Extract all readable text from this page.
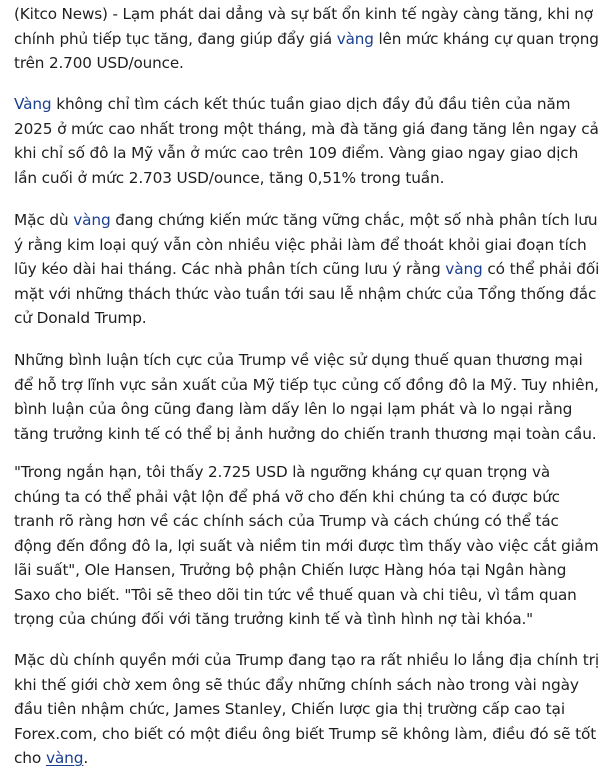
(Kitco News) - Lạm phát dai dẳng và sự bất ổn kinh tế ngày càng tăng, khi nợ
chính phủ tiếp tục tăng, đang giúp đẩy giá vàng lên mức kháng cự quan trọng
trên 2.700 USD/ounce.

Vàng không chỉ tìm cách kết thúc tuần giao dịch đầy đủ đầu tiên của năm
2025 ở mức cao nhất trong một tháng, mà đà tăng giá đang tăng lên ngay cả
khi chỉ số đô la Mỹ vẫn ở mức cao trên 109 điểm. Vàng giao ngay giao dịch
lần cuối ở mức 2.703 USD/ounce, tăng 0,51% trong tuần.

Mặc dù vàng đang chứng kiến mức tăng vững chắc, một số nhà phân tích lưu
ý rằng kim loại quý vẫn còn nhiều việc phải làm để thoát khỏi giai đoạn tích
lũy kéo dài hai tháng. Các nhà phân tích cũng lưu ý rằng vàng có thể phải đối
mặt với những thách thức vào tuần tới sau lễ nhậm chức của Tổng thống đắc
cử Donald Trump.

Những bình luận tích cực của Trump về việc sử dụng thuế quan thương mại
để hỗ trợ lĩnh vực sản xuất của Mỹ tiếp tục củng cố đồng đô la Mỹ. Tuy nhiên,
bình luận của ông cũng đang làm dấy lên lo ngại lạm phát và lo ngại rằng
tăng trưởng kinh tế có thể bị ảnh hưởng do chiến tranh thương mại toàn cầu.

"Trong ngắn hạn, tôi thấy 2.725 USD là ngưỡng kháng cự quan trọng và
chúng ta có thể phải vật lộn để phá vỡ cho đến khi chúng ta có được bức
tranh rõ ràng hơn về các chính sách của Trump và cách chúng có thể tác
động đến đồng đô la, lợi suất và niềm tin mới được tìm thấy vào việc cắt giảm
lãi suất", Ole Hansen, Trưởng bộ phận Chiến lược Hàng hóa tại Ngân hàng
Saxo cho biết. "Tôi sẽ theo dõi tin tức về thuế quan và chi tiêu, vì tầm quan
trọng của chúng đối với tăng trưởng kinh tế và tình hình nợ tài khóa."

Mặc dù chính quyền mới của Trump đang tạo ra rất nhiều lo lắng địa chính trị
khi thế giới chờ xem ông sẽ thúc đẩy những chính sách nào trong vài ngày
đầu tiên nhậm chức, James Stanley, Chiến lược gia thị trường cấp cao tại
Forex.com, cho biết có một điều ông biết Trump sẽ không làm, điều đó sẽ tốt
cho vàng.
